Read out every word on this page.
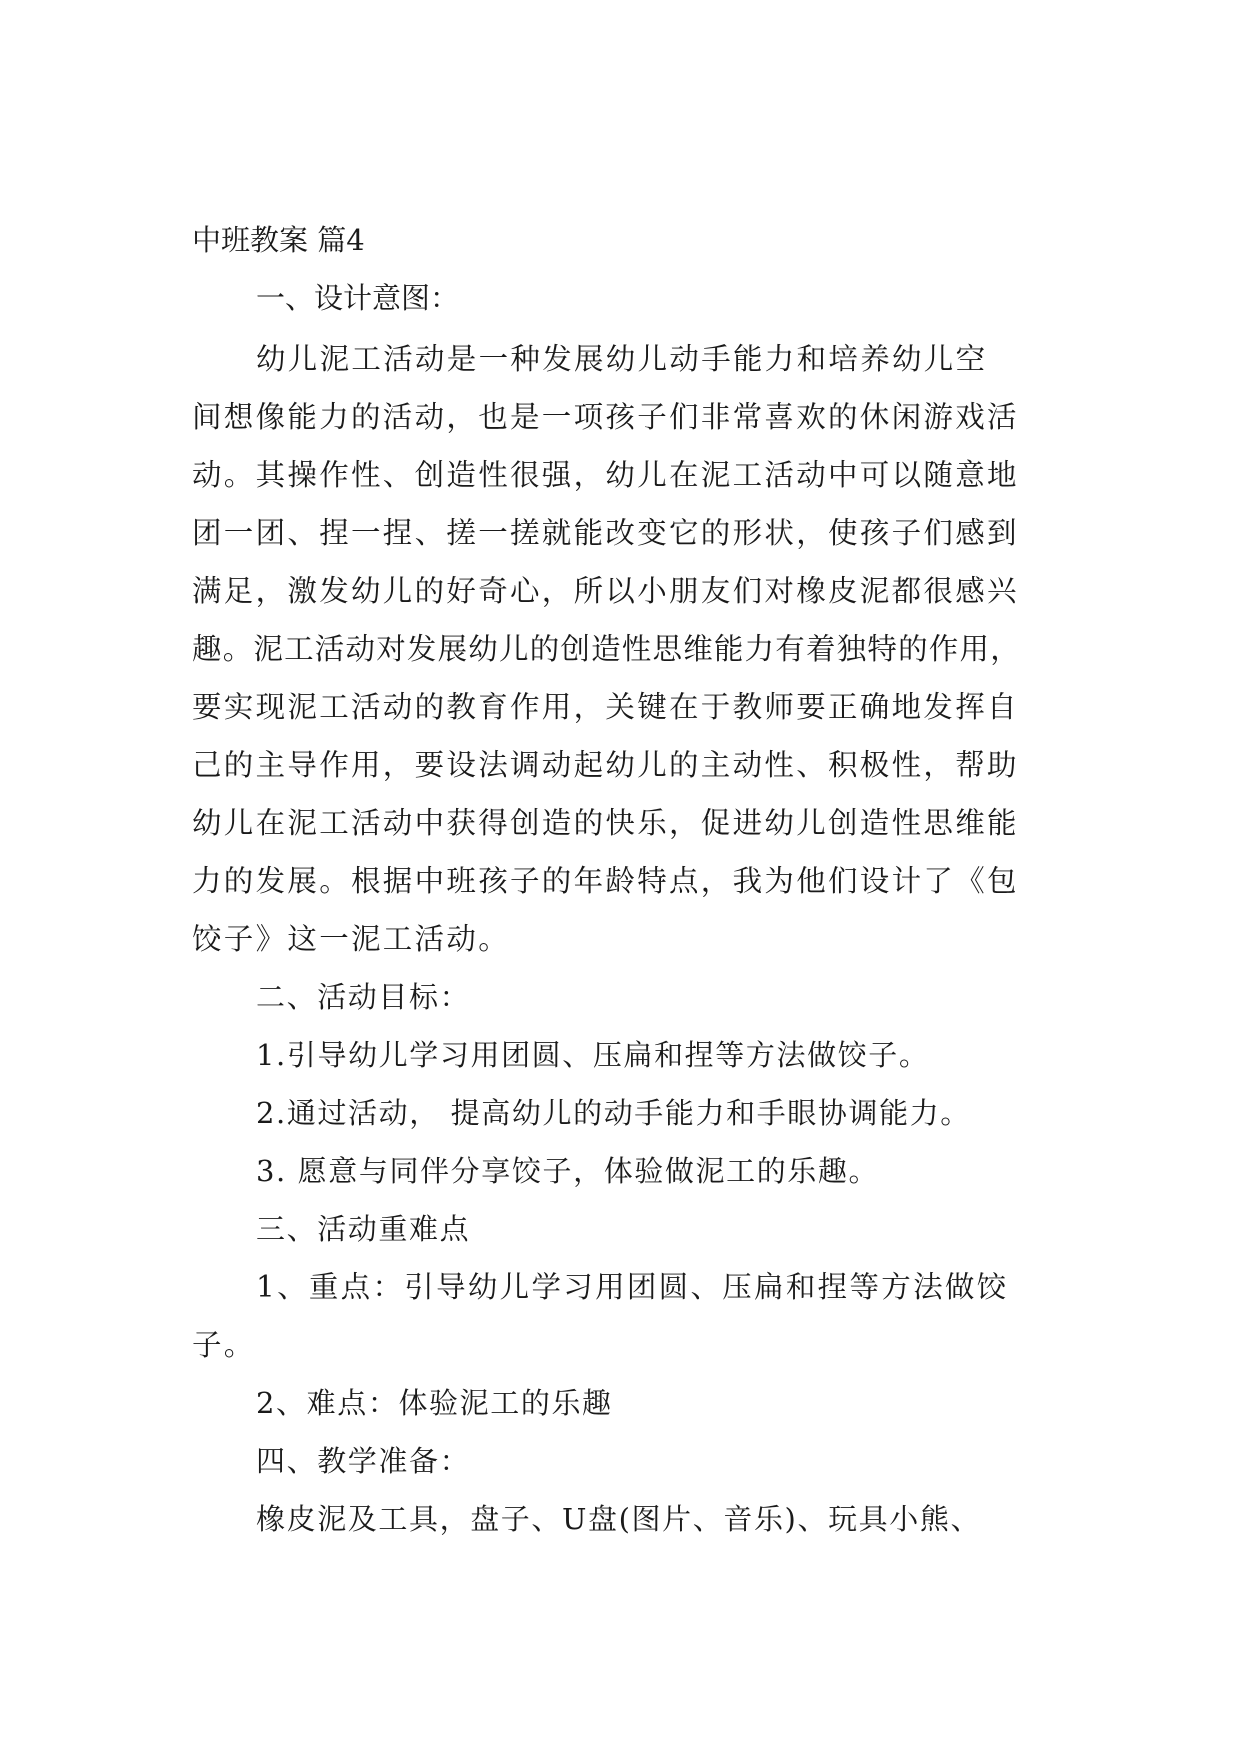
中班教案 篇4
一、设计意图：
幼儿泥工活动是一种发展幼儿动手能力和培养幼儿空
间想像能力的活动，也是一项孩子们非常喜欢的休闲游戏活
动。其操作性、创造性很强，幼儿在泥工活动中可以随意地
团一团、捏一捏、搓一搓就能改变它的形状，使孩子们感到
满足，激发幼儿的好奇心，所以小朋友们对橡皮泥都很感兴
趣。泥工活动对发展幼儿的创造性思维能力有着独特的作用，
要实现泥工活动的教育作用，关键在于教师要正确地发挥自
己的主导作用，要设法调动起幼儿的主动性、积极性，帮助
幼儿在泥工活动中获得创造的快乐，促进幼儿创造性思维能
力的发展。根据中班孩子的年龄特点，我为他们设计了《包
饺子》这一泥工活动。
二、活动目标：
1.引导幼儿学习用团圆、压扁和捏等方法做饺子。
2.通过活动， 提高幼儿的动手能力和手眼协调能力。
3. 愿意与同伴分享饺子，体验做泥工的乐趣。
三、活动重难点
1、重点：引导幼儿学习用团圆、压扁和捏等方法做饺
子。
2、难点：体验泥工的乐趣
四、教学准备：
橡皮泥及工具，盘子、U盘(图片、音乐)、玩具小熊、
